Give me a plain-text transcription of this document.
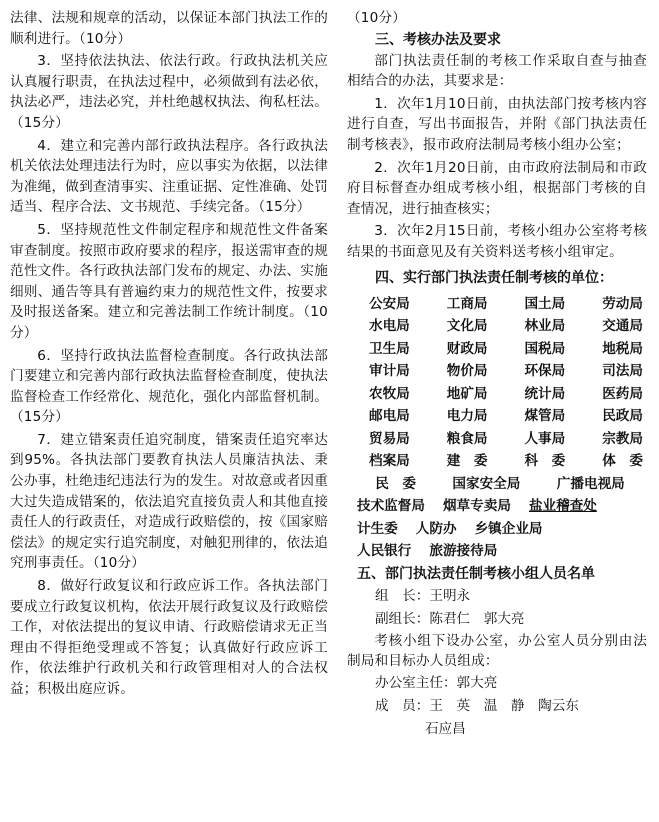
法律、法规和规章的活动，以保证本部门执法工作的顺利进行。（10分）

3．坚持依法执法、依法行政。行政执法机关应认真履行职责，在执法过程中，必须做到有法必依，执法必严，违法必究，并杜绝越权执法、徇私枉法。（15分）

4．建立和完善内部行政执法程序。各行政执法机关依法处理违法行为时，应以事实为依据，以法律为准绳，做到查清事实、注重证据、定性准确、处罚适当、程序合法、文书规范、手续完备。（15分）

5．坚持规范性文件制定程序和规范性文件备案审查制度。按照市政府要求的程序，报送需审查的规范性文件。各行政执法部门发布的规定、办法、实施细则、通告等具有普遍约束力的规范性文件，按要求及时报送备案。建立和完善法制工作统计制度。（10分）

6．坚持行政执法监督检查制度。各行政执法部门要建立和完善内部行政执法监督检查制度，使执法监督检查工作经常化、规范化，强化内部监督机制。（15分）

7．建立错案责任追究制度，错案责任追究率达到95%。各执法部门要教育执法人员廉洁执法、秉公办事，杜绝违纪违法行为的发生。对故意或者因重大过失造成错案的，依法追究直接负责人和其他直接责任人的行政责任，对造成行政赔偿的，按《国家赔偿法》的规定实行追究制度，对触犯刑律的，依法追究刑事责任。（10分）

8．做好行政复议和行政应诉工作。各执法部门要成立行政复议机构，依法开展行政复议及行政赔偿工作，对依法提出的复议申请、行政赔偿请求无正当理由不得拒绝受理或不答复；认真做好行政应诉工作，依法维护行政机关和行政管理相对人的合法权益；积极出庭应诉。

（10分）

三、考核办法及要求

部门执法责任制的考核工作采取自查与抽查相结合的办法，其要求是：

1．次年1月10日前，由执法部门按考核内容进行自查，写出书面报告，并附《部门执法责任制考核表》，报市政府法制局考核小组办公室；

2．次年1月20日前，由市政府法制局和市政府目标督查办组成考核小组，根据部门考核的自查情况，进行抽查核实；

3．次年2月15日前，考核小组办公室将考核结果的书面意见及有关资料送考核小组审定。

四、实行部门执法责任制考核的单位：

公安局	工商局	国土局	劳动局
水电局	文化局	林业局	交通局
卫生局	财政局	国税局	地税局
审计局	物价局	环保局	司法局
农牧局	地矿局	统计局	医药局
邮电局	电力局	煤管局	民政局
贸易局	粮食局	人事局	宗教局
档案局	建　委	科　委	体　委
民　委	国家安全局	广播电视局
技术监督局 烟草专卖局 盐业稽查处
计生委 人防办 乡镇企业局
人民银行 旅游接待局

五、部门执法责任制考核小组人员名单

组　长：王明永

副组长：陈君仁　郭大亮

考核小组下设办公室，办公室人员分别由法制局和目标办人员组成：

办公室主任：郭大亮

成　员：王　英　温　静　陶云东

石应昌
